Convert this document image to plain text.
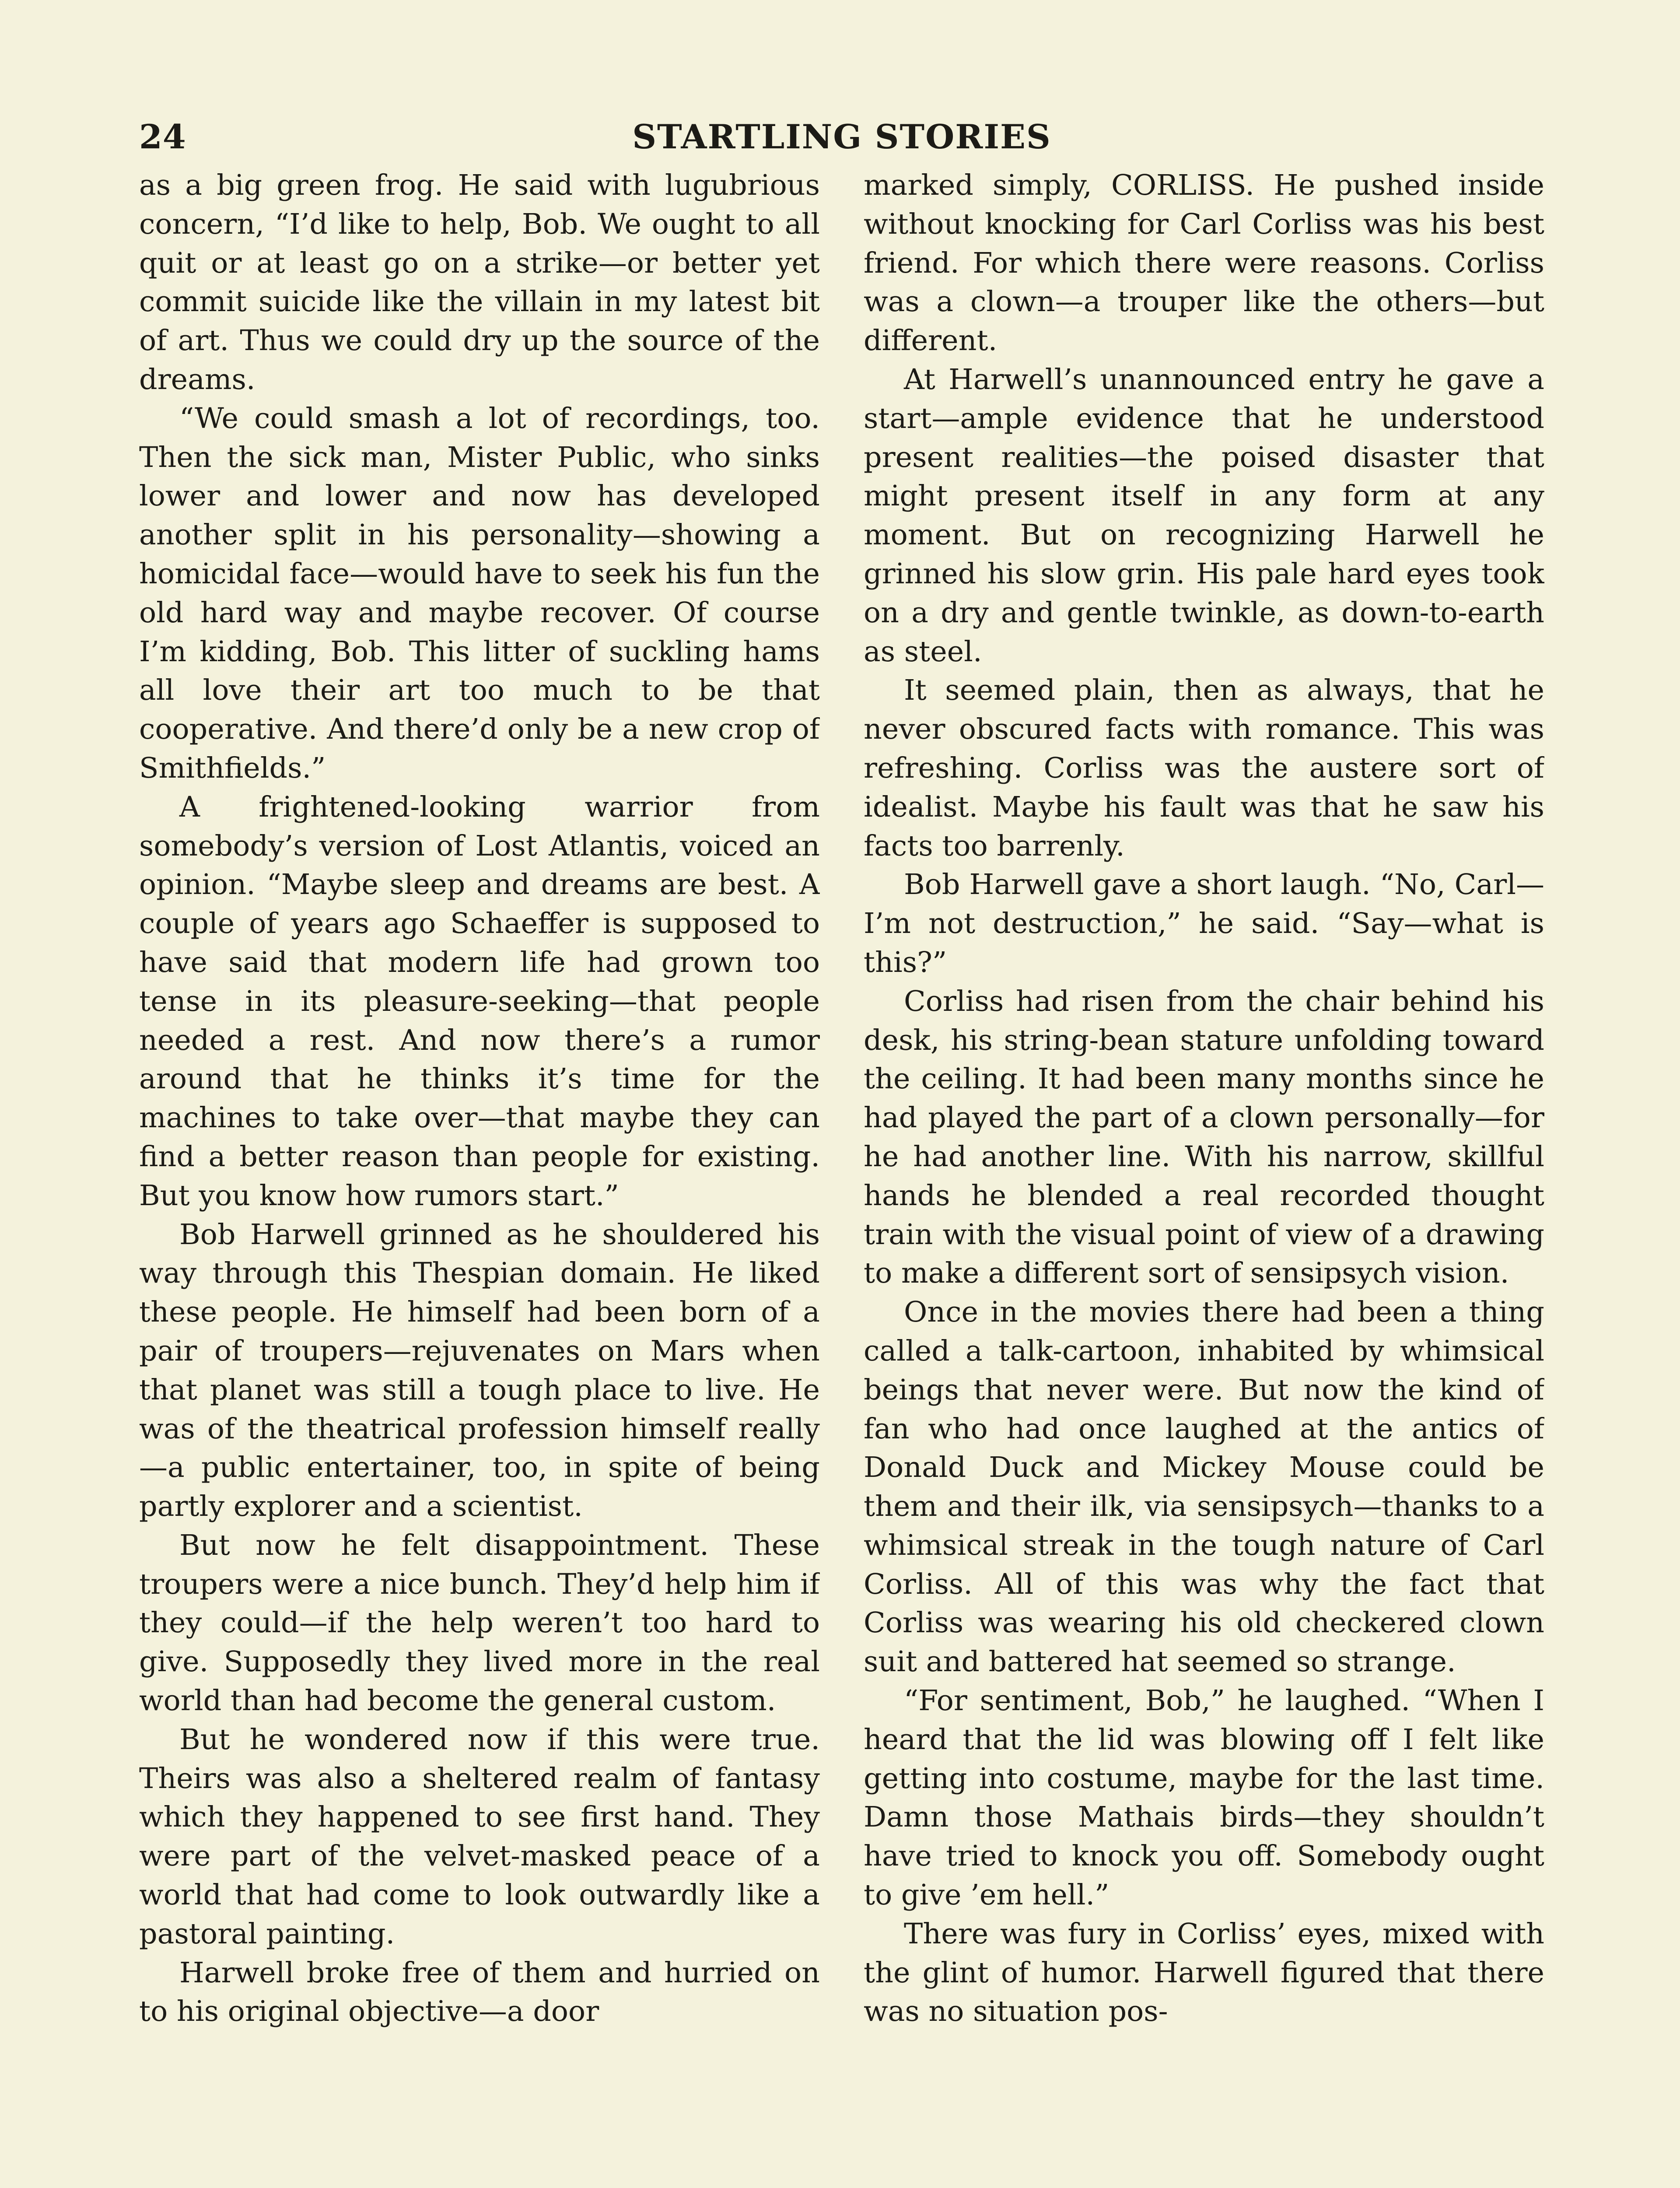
24	STARTLING STORIES

as a big green frog. He said with lugubrious concern, “I’d like to help, Bob. We ought to all quit or at least go on a strike—or better yet commit suicide like the villain in my latest bit of art. Thus we could dry up the source of the dreams.

“We could smash a lot of recordings, too. Then the sick man, Mister Public, who sinks lower and lower and now has developed another split in his personality—showing a homicidal face—would have to seek his fun the old hard way and maybe recover. Of course I’m kidding, Bob. This litter of suckling hams all love their art too much to be that cooperative. And there’d only be a new crop of Smithfields.”

A frightened-looking warrior from somebody’s version of Lost Atlantis, voiced an opinion. “Maybe sleep and dreams are best. A couple of years ago Schaeffer is supposed to have said that modern life had grown too tense in its pleasure-seeking—that people needed a rest. And now there’s a rumor around that he thinks it’s time for the machines to take over—that maybe they can find a better reason than people for existing. But you know how rumors start.”

Bob Harwell grinned as he shouldered his way through this Thespian domain. He liked these people. He himself had been born of a pair of troupers—rejuvenates on Mars when that planet was still a tough place to live. He was of the theatrical profession himself really—a public entertainer, too, in spite of being partly explorer and a scientist.

But now he felt disappointment. These troupers were a nice bunch. They’d help him if they could—if the help weren’t too hard to give. Supposedly they lived more in the real world than had become the general custom.

But he wondered now if this were true. Theirs was also a sheltered realm of fantasy which they happened to see first hand. They were part of the velvet-masked peace of a world that had come to look outwardly like a pastoral painting.

Harwell broke free of them and hurried on to his original objective—a door

marked simply, CORLISS. He pushed inside without knocking for Carl Corliss was his best friend. For which there were reasons. Corliss was a clown—a trouper like the others—but different.

At Harwell’s unannounced entry he gave a start—ample evidence that he understood present realities—the poised disaster that might present itself in any form at any moment. But on recognizing Harwell he grinned his slow grin. His pale hard eyes took on a dry and gentle twinkle, as down-to-earth as steel.

It seemed plain, then as always, that he never obscured facts with romance. This was refreshing. Corliss was the austere sort of idealist. Maybe his fault was that he saw his facts too barrenly.

Bob Harwell gave a short laugh. “No, Carl—I’m not destruction,” he said. “Say—what is this?”

Corliss had risen from the chair behind his desk, his string-bean stature unfolding toward the ceiling. It had been many months since he had played the part of a clown personally—for he had another line. With his narrow, skillful hands he blended a real recorded thought train with the visual point of view of a drawing to make a different sort of sensipsych vision.

Once in the movies there had been a thing called a talk-cartoon, inhabited by whimsical beings that never were. But now the kind of fan who had once laughed at the antics of Donald Duck and Mickey Mouse could be them and their ilk, via sensipsych—thanks to a whimsical streak in the tough nature of Carl Corliss. All of this was why the fact that Corliss was wearing his old checkered clown suit and battered hat seemed so strange.

“For sentiment, Bob,” he laughed. “When I heard that the lid was blowing off I felt like getting into costume, maybe for the last time. Damn those Mathais birds—they shouldn’t have tried to knock you off. Somebody ought to give ’em hell.”

There was fury in Corliss’ eyes, mixed with the glint of humor. Harwell figured that there was no situation pos-
